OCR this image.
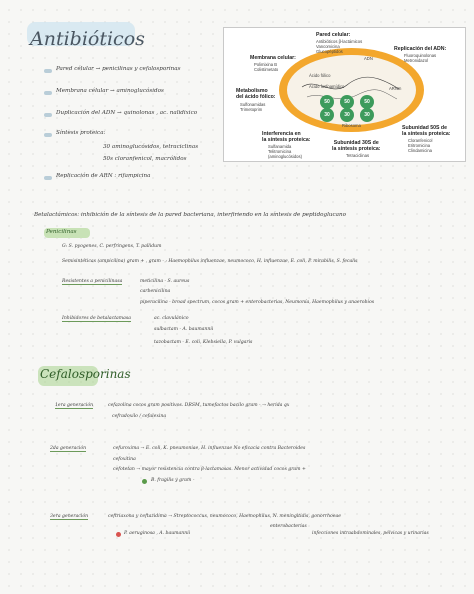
Antibióticos
Pared célular → penicilinas y cefalosporinas
Membrana célular → aminoglucósidos
Duplicación del ADN → quinolonas , ac. nalidixico
Síntesis proteica:
30 aminoglucósidos, tetraciclinas
50s cloranfenicol, macrólidos
Replicación de ARN : rifampicina
50
30
50
30
50
30
ADN
Ácido fólico
Ácido fosfoamídico	ARNm
Ribosoma
Pared celular:
Antibióticos β-lactámicos
Vancomicina
Glucopéptidos
Membrana celular:
Polimixina B
Colistimetato
Replicación del ADN:
Fluoroquinolonas
Metronidazol
Metabolismo
del ácido fólico:
Sulfonamidas
Trimetoprim
Interferencia en
la síntesis proteica:
Sulfanamida
Telitromicina
(aminoglucósidos)
Subunidad 30S de
la síntesis proteica:
Tetraciclinas
Subunidad 50S de
la síntesis proteica:
Cloranfenicol
Eritromicina
Clindamicina
Betalactámicos: inhibición de la síntesis de la pared bacteriana, interfiriendo en la síntesis de peptidoglucano
Penicilinas
G: S. pyogenes, C. perfringens, T. pallidum
Semisintéticas (ampicilina) gram + , gram - : Haemophilus influenzae, neumococo, H. influenzae, E. coli, P. mirabilis, S. fecalis
Resistentes a penicilinasa	meticilina - S. aureus
carbenicilina
piperacilina - broad spectrum, cocos gram + enterobacterias, Neumonía, Haemophilus y anaerobios
Inhibidores de betalactamasa	ac. clavulánico
sulbactam - A. baumannii
tazobactam - E. coli, Klebsiella, P. vulgaris
Cefalosporinas
1era generación	cefazolina cocos gram positivos. DRSM, tumefactos bacilo gram - → herida qx
cefradoxilo / cefalexina
2da generación	cefuroxima → E. coli, K. pneumoniae, H. influenzae No eficacia contra Bacteroides
cefoxitina
cefotetan → mayor resistencia contra β-lactamasas. Menor actividad cocos gram +
B. fragilis y gram -
3era generación	ceftriaxona y ceftazidima → Streptococcus, neumococo, Haemophilus, N. meningitidis, gonorrhoeae
enterobacterias
P. aeruginosa , A. baumannii	infecciones intraabdominales, pélvicas y urinarias
